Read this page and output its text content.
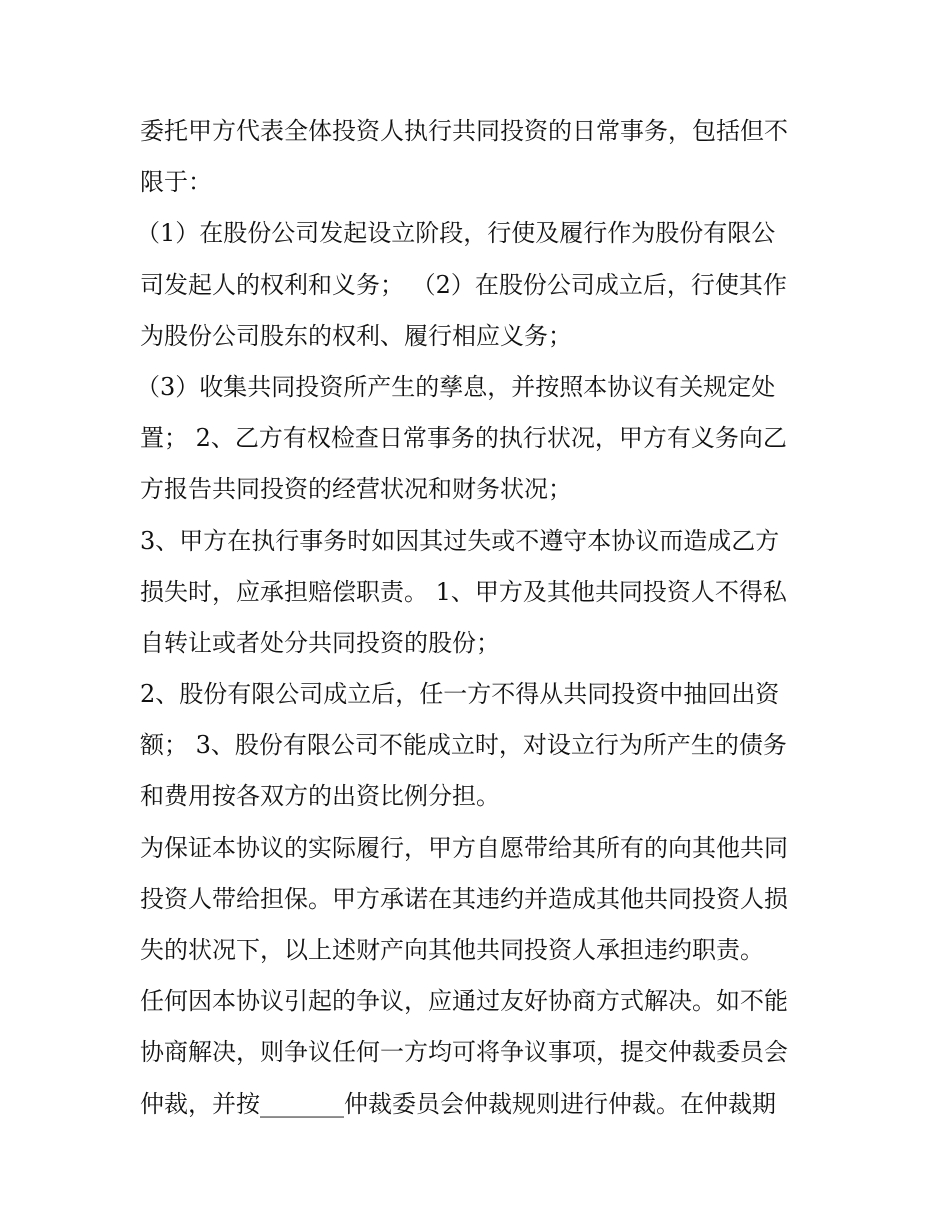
委托甲方代表全体投资人执行共同投资的日常事务，包括但不
限于：
（1）在股份公司发起设立阶段，行使及履行作为股份有限公
司发起人的权利和义务； （2）在股份公司成立后，行使其作
为股份公司股东的权利、履行相应义务；
（3）收集共同投资所产生的孳息，并按照本协议有关规定处
置； 2、乙方有权检查日常事务的执行状况，甲方有义务向乙
方报告共同投资的经营状况和财务状况；
3、甲方在执行事务时如因其过失或不遵守本协议而造成乙方
损失时，应承担赔偿职责。 1、甲方及其他共同投资人不得私
自转让或者处分共同投资的股份；
2、股份有限公司成立后，任一方不得从共同投资中抽回出资
额； 3、股份有限公司不能成立时，对设立行为所产生的债务
和费用按各双方的出资比例分担。
为保证本协议的实际履行，甲方自愿带给其所有的向其他共同
投资人带给担保。甲方承诺在其违约并造成其他共同投资人损
失的状况下，以上述财产向其他共同投资人承担违约职责。
任何因本协议引起的争议，应通过友好协商方式解决。如不能
协商解决，则争议任何一方均可将争议事项，提交仲裁委员会
仲裁，并按_______仲裁委员会仲裁规则进行仲裁。在仲裁期
